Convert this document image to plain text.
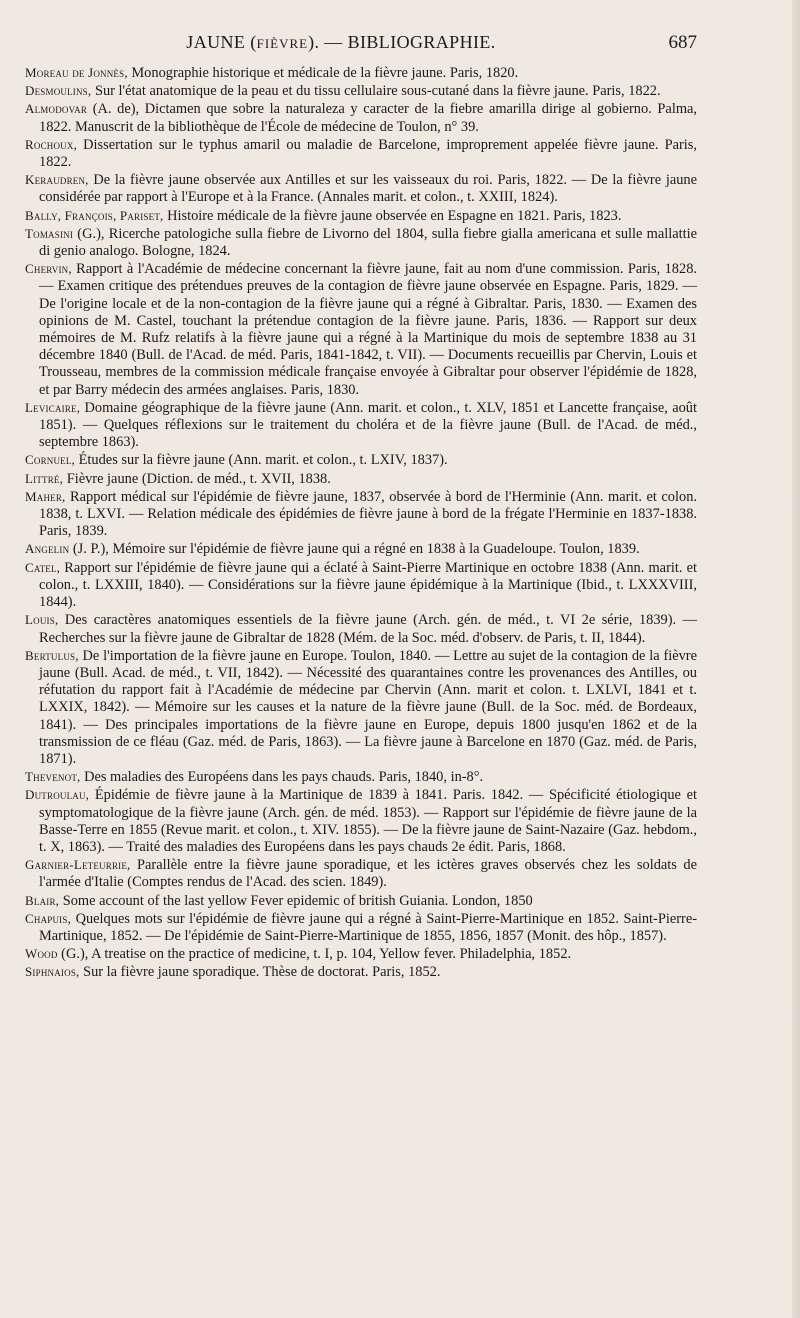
JAUNE (FIÈVRE). — BIBLIOGRAPHIE.	687
Moreau de Jonnès, Monographie historique et médicale de la fièvre jaune. Paris, 1820.
Desmoulins, Sur l'état anatomique de la peau et du tissu cellulaire sous-cutané dans la fièvre jaune. Paris, 1822.
Almodovar (A. de), Dictamen que sobre la naturaleza y caracter de la fiebre amarilla dirige al gobierno. Palma, 1822. Manuscrit de la bibliothèque de l'École de médecine de Toulon, n° 39.
Rochoux, Dissertation sur le typhus amaril ou maladie de Barcelone, improprement appelée fièvre jaune. Paris, 1822.
Keraudren, De la fièvre jaune observée aux Antilles et sur les vaisseaux du roi. Paris, 1822. — De la fièvre jaune considérée par rapport à l'Europe et à la France. (Annales marit. et colon., t. XXIII, 1824).
Bally, François, Pariset, Histoire médicale de la fièvre jaune observée en Espagne en 1821. Paris, 1823.
Tomasini (G.), Ricerche patologiche sulla fiebre de Livorno del 1804, sulla fiebre gialla americana et sulle mallattie di genio analogo. Bologne, 1824.
Chervin, Rapport à l'Académie de médecine concernant la fièvre jaune, fait au nom d'une commission. Paris, 1828. — Examen critique des prétendues preuves de la contagion de fièvre jaune observée en Espagne. Paris, 1829. — De l'origine locale et de la non-contagion de la fièvre jaune qui a régné à Gibraltar. Paris, 1830. — Examen des opinions de M. Castel, touchant la prétendue contagion de la fièvre jaune. Paris, 1836. — Rapport sur deux mémoires de M. Rufz relatifs à la fièvre jaune qui a régné à la Martinique du mois de septembre 1838 au 31 décembre 1840 (Bull. de l'Acad. de méd. Paris, 1841-1842, t. VII). — Documents recueillis par Chervin, Louis et Trousseau, membres de la commission médicale française envoyée à Gibraltar pour observer l'épidémie de 1828, et par Barry médecin des armées anglaises. Paris, 1830.
Levicaire, Domaine géographique de la fièvre jaune (Ann. marit. et colon., t. XLV, 1851 et Lancette française, août 1851). — Quelques réflexions sur le traitement du choléra et de la fièvre jaune (Bull. de l'Acad. de méd., septembre 1863).
Cornuel, Études sur la fièvre jaune (Ann. marit. et colon., t. LXIV, 1837).
Littré, Fièvre jaune (Diction. de méd., t. XVII, 1838.
Maher, Rapport médical sur l'épidémie de fièvre jaune, 1837, observée à bord de l'Herminie (Ann. marit. et colon. 1838, t. LXVI. — Relation médicale des épidémies de fièvre jaune à bord de la frégate l'Herminie en 1837-1838. Paris, 1839.
Angelin (J. P.), Mémoire sur l'épidémie de fièvre jaune qui a régné en 1838 à la Guadeloupe. Toulon, 1839.
Catel, Rapport sur l'épidémie de fièvre jaune qui a éclaté à Saint-Pierre Martinique en octobre 1838 (Ann. marit. et colon., t. LXXIII, 1840). — Considérations sur la fièvre jaune épidémique à la Martinique (Ibid., t. LXXXVIII, 1844).
Louis, Des caractères anatomiques essentiels de la fièvre jaune (Arch. gén. de méd., t. VI 2e série, 1839). — Recherches sur la fièvre jaune de Gibraltar de 1828 (Mém. de la Soc. méd. d'observ. de Paris, t. II, 1844).
Bertulus, De l'importation de la fièvre jaune en Europe. Toulon, 1840. — Lettre au sujet de la contagion de la fièvre jaune (Bull. Acad. de méd., t. VII, 1842). — Nécessité des quarantaines contre les provenances des Antilles, ou réfutation du rapport fait à l'Académie de médecine par Chervin (Ann. marit et colon. t. LXLVI, 1841 et t. LXXIX, 1842). — Mémoire sur les causes et la nature de la fièvre jaune (Bull. de la Soc. méd. de Bordeaux, 1841). — Des principales importations de la fièvre jaune en Europe, depuis 1800 jusqu'en 1862 et de la transmission de ce fléau (Gaz. méd. de Paris, 1863). — La fièvre jaune à Barcelone en 1870 (Gaz. méd. de Paris, 1871).
Thevenot, Des maladies des Européens dans les pays chauds. Paris, 1840, in-8°.
Dutroulau, Épidémie de fièvre jaune à la Martinique de 1839 à 1841. Paris. 1842. — Spécificité étiologique et symptomatologique de la fièvre jaune (Arch. gén. de méd. 1853). — Rapport sur l'épidémie de fièvre jaune de la Basse-Terre en 1855 (Revue marit. et colon., t. XIV. 1855). — De la fièvre jaune de Saint-Nazaire (Gaz. hebdom., t. X, 1863). — Traité des maladies des Européens dans les pays chauds 2e édit. Paris, 1868.
Garnier-Leteurrie, Parallèle entre la fièvre jaune sporadique, et les ictères graves observés chez les soldats de l'armée d'Italie (Comptes rendus de l'Acad. des scien. 1849).
Blair, Some account of the last yellow Fever epidemic of british Guiania. London, 1850
Chapuis, Quelques mots sur l'épidémie de fièvre jaune qui a régné à Saint-Pierre-Martinique en 1852. Saint-Pierre-Martinique, 1852. — De l'épidémie de Saint-Pierre-Martinique de 1855, 1856, 1857 (Monit. des hôp., 1857).
Wood (G.), A treatise on the practice of medicine, t. I, p. 104, Yellow fever. Philadelphia, 1852.
Siphnaios, Sur la fièvre jaune sporadique. Thèse de doctorat. Paris, 1852.
